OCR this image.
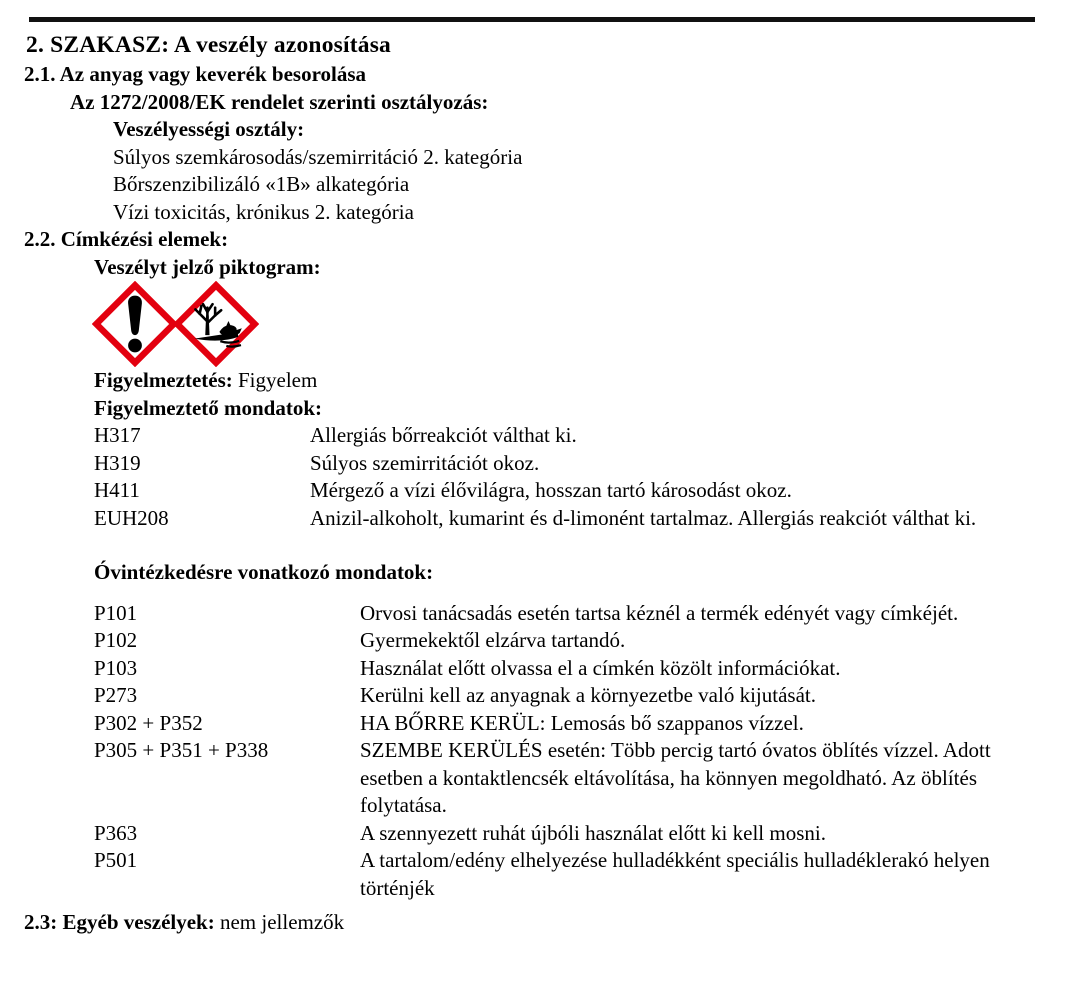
2. SZAKASZ: A veszély azonosítása
2.1. Az anyag vagy keverék besorolása
Az 1272/2008/EK rendelet szerinti osztályozás:
Veszélyességi osztály:
Súlyos szemkárosodás/szemirritáció 2. kategória
Bőrszenzibilizáló «1B» alkategória
Vízi toxicitás, krónikus 2. kategória
2.2. Címkézési elemek:
Veszélyt jelző piktogram:
Figyelmeztetés: Figyelem
Figyelmeztető mondatok:
H317	Allergiás bőrreakciót válthat ki.
H319	Súlyos szemirritációt okoz.
H411	Mérgező a vízi élővilágra, hosszan tartó károsodást okoz.
EUH208	Anizil-alkoholt, kumarint és d-limonént tartalmaz. Allergiás reakciót válthat ki.
Óvintézkedésre vonatkozó mondatok:
P101	Orvosi tanácsadás esetén tartsa kéznél a termék edényét vagy címkéjét.
P102	Gyermekektől elzárva tartandó.
P103	Használat előtt olvassa el a címkén közölt információkat.
P273	Kerülni kell az anyagnak a környezetbe való kijutását.
P302 + P352	HA BŐRRE KERÜL: Lemosás bő szappanos vízzel.
P305 + P351 + P338	SZEMBE KERÜLÉS esetén: Több percig tartó óvatos öblítés vízzel. Adott esetben a kontaktlencsék eltávolítása, ha könnyen megoldható. Az öblítés folytatása.
P363	A szennyezett ruhát újbóli használat előtt ki kell mosni.
P501	A tartalom/edény elhelyezése hulladékként speciális hulladéklerakó helyen történjék
2.3: Egyéb veszélyek: nem jellemzők
